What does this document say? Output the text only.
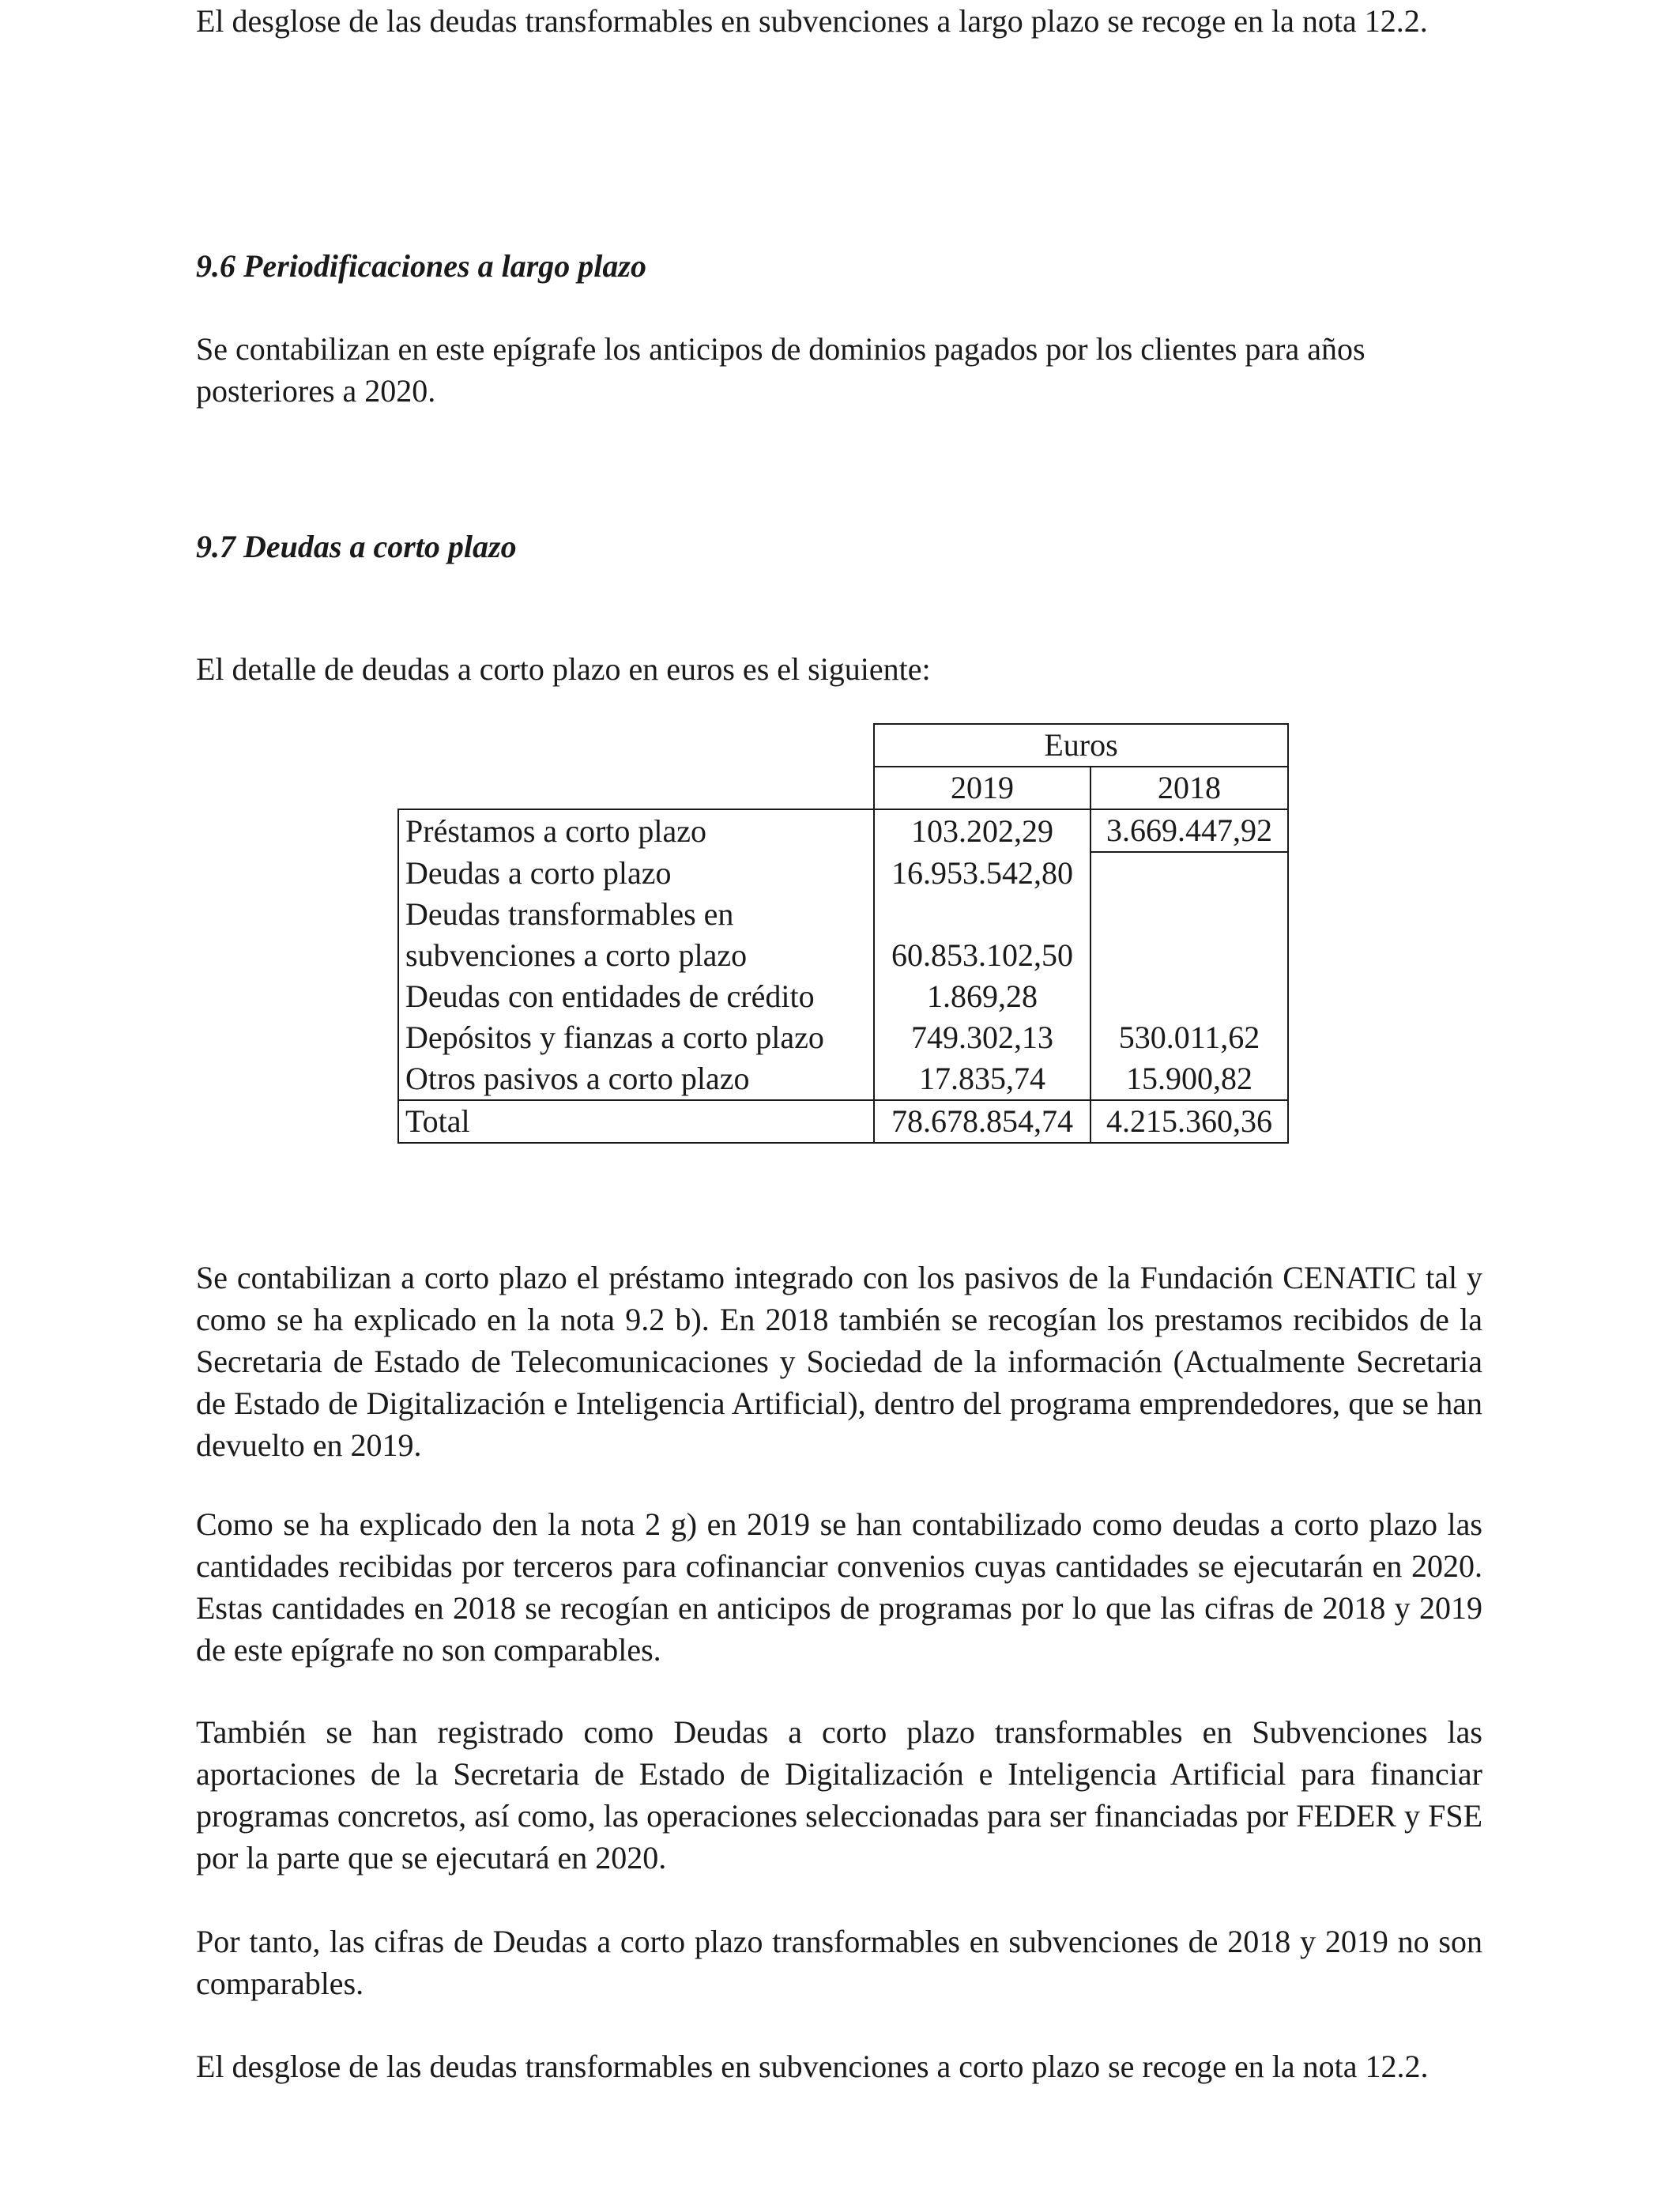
El desglose de las deudas transformables en subvenciones a largo plazo se recoge en la nota 12.2.

9.6 Periodificaciones a largo plazo

Se contabilizan en este epígrafe los anticipos de dominios pagados por los clientes para años posteriores a 2020.

9.7 Deudas a corto plazo

El detalle de deudas a corto plazo en euros es el siguiente:

	Euros	
	2019	2018
Préstamos a corto plazo	103.202,29	3.669.447,92
Deudas a corto plazo	16.953.542,80	
Deudas transformables en		
subvenciones a corto plazo	60.853.102,50	
Deudas con entidades de crédito	1.869,28	
Depósitos y fianzas a corto plazo	749.302,13	530.011,62
Otros pasivos a corto plazo	17.835,74	15.900,82
Total	78.678.854,74	4.215.360,36

Se contabilizan a corto plazo el préstamo integrado con los pasivos de la Fundación CENATIC tal y como se ha explicado en la nota 9.2 b). En 2018 también se recogían los prestamos recibidos de la Secretaria de Estado de Telecomunicaciones y Sociedad de la información (Actualmente Secretaria de Estado de Digitalización e Inteligencia Artificial), dentro del programa emprendedores, que se han devuelto en 2019.

Como se ha explicado den la nota 2 g) en 2019 se han contabilizado como deudas a corto plazo las cantidades recibidas por terceros para cofinanciar convenios cuyas cantidades se ejecutarán en 2020. Estas cantidades en 2018 se recogían en anticipos de programas por lo que las cifras de 2018 y 2019 de este epígrafe no son comparables.

También se han registrado como Deudas a corto plazo transformables en Subvenciones las aportaciones de la Secretaria de Estado de Digitalización e Inteligencia Artificial para financiar programas concretos, así como, las operaciones seleccionadas para ser financiadas por FEDER y FSE por la parte que se ejecutará en 2020.

Por tanto, las cifras de Deudas a corto plazo transformables en subvenciones de 2018 y 2019 no son comparables.

El desglose de las deudas transformables en subvenciones a corto plazo se recoge en la nota 12.2.
